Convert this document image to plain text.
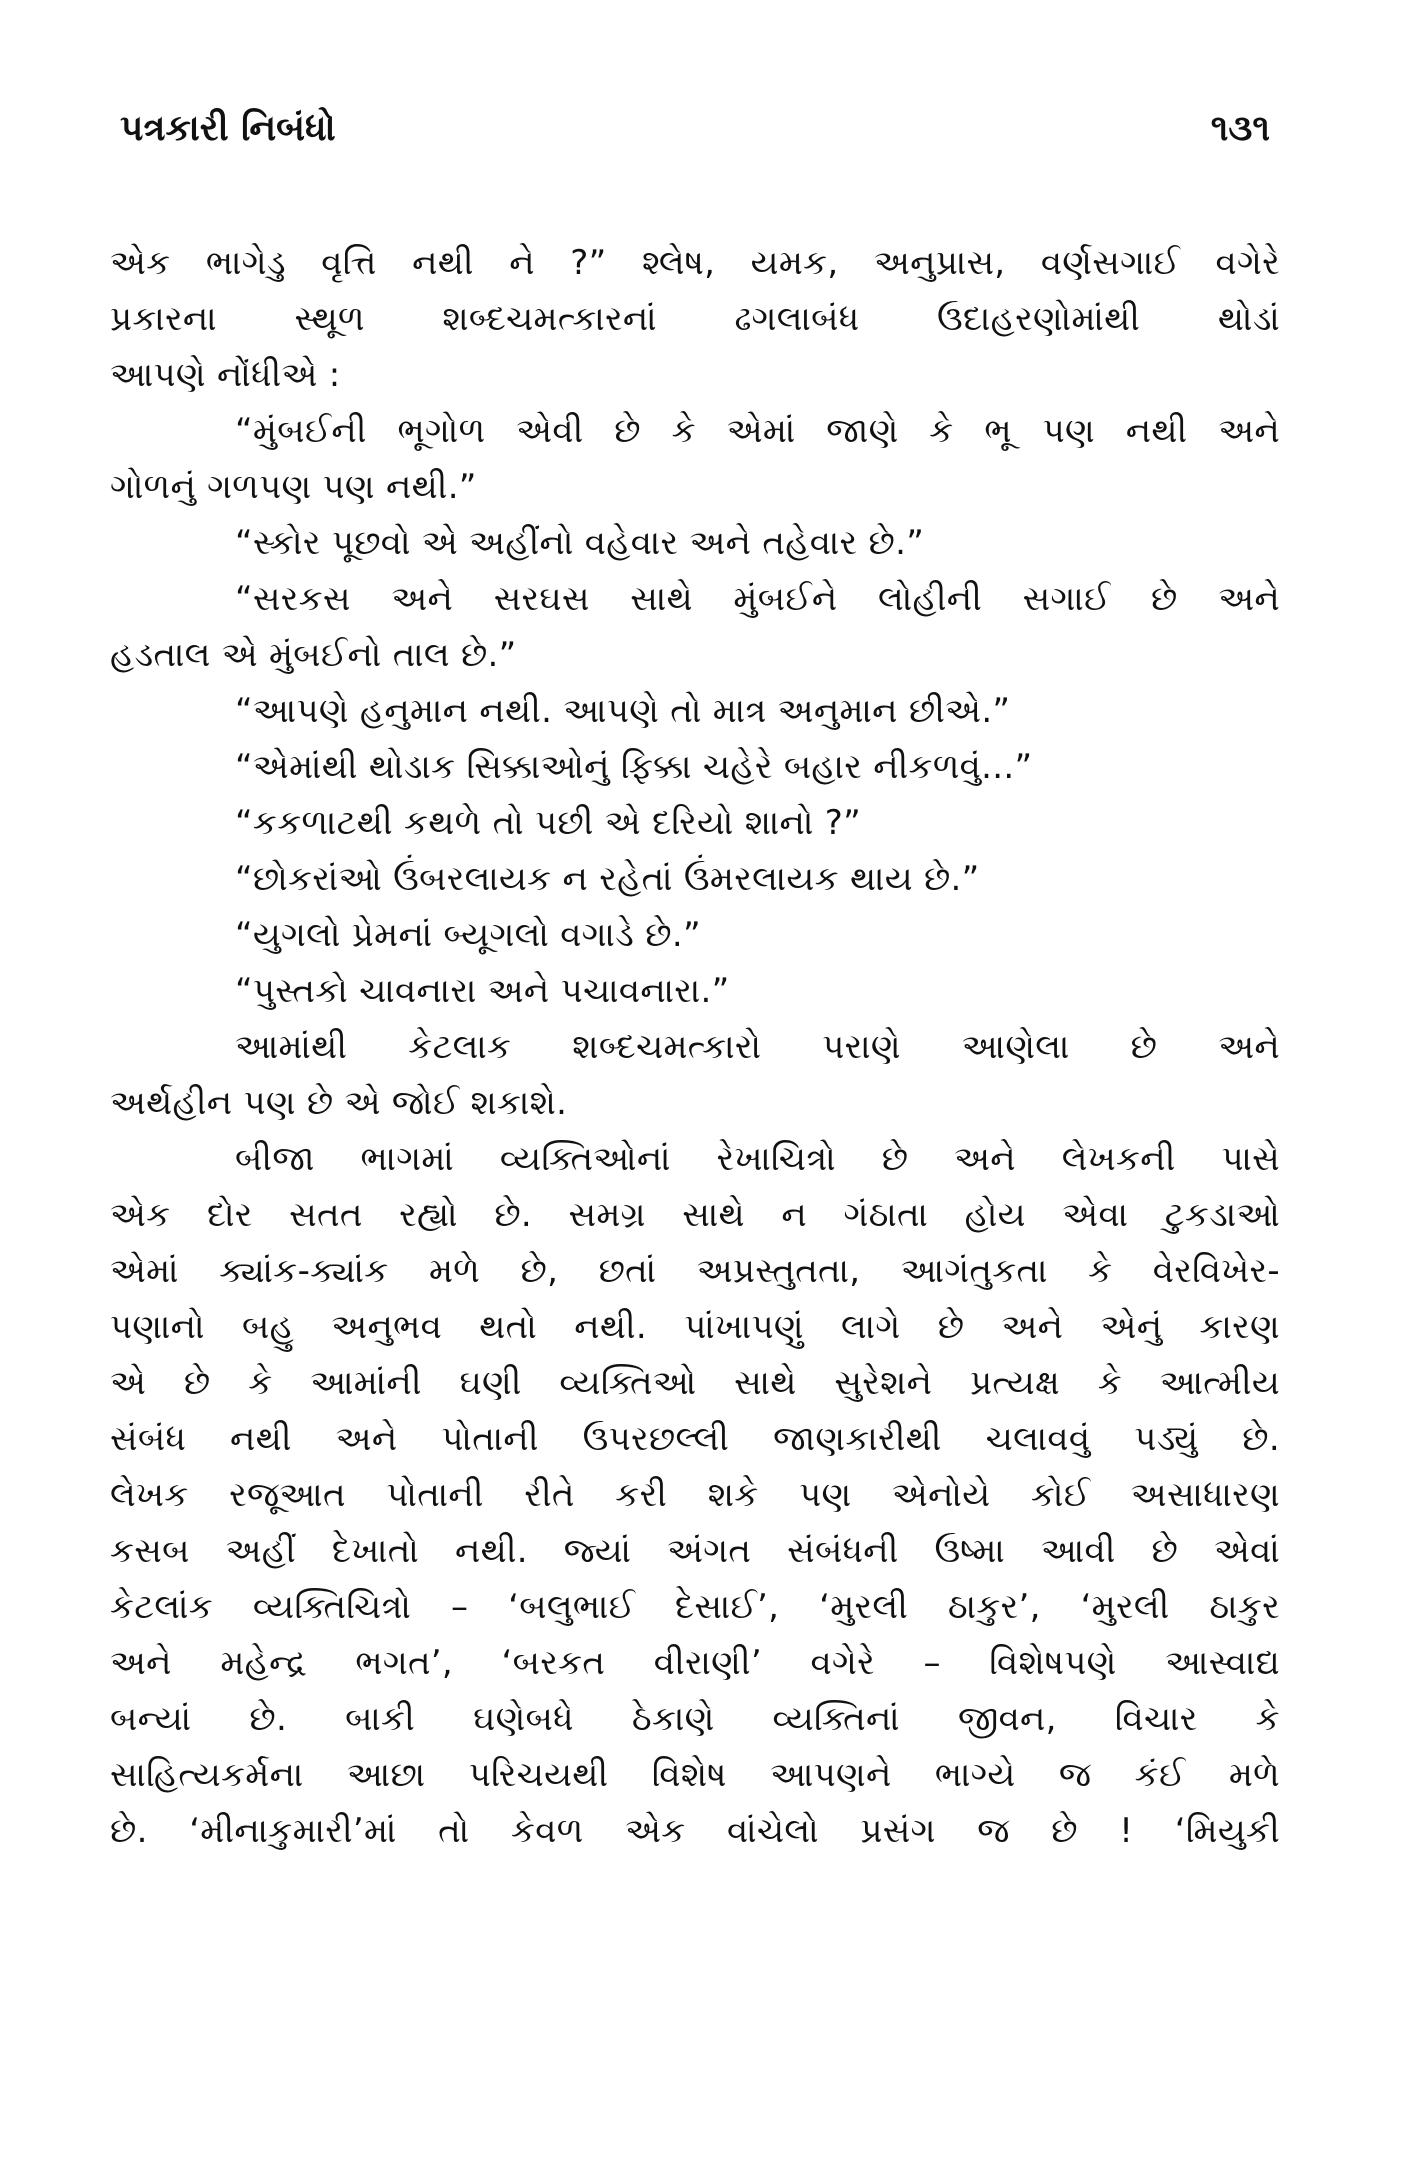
પત્રકારી નિબંધો	૧૩૧
એક ભાગેડુ વૃત્તિ નથી ને ?” શ્લેષ, યમક, અનુપ્રાસ, વર્ણસગાઈ વગેરે
પ્રકારના સ્થૂળ શબ્દચમત્કારનાં ઢગલાબંધ ઉદાહરણોમાંથી થોડાં
આપણે નોંધીએ :
“મુંબઈની ભૂગોળ એવી છે કે એમાં જાણે કે ભૂ પણ નથી અને
ગોળનું ગળપણ પણ નથી.”
“સ્કોર પૂછવો એ અહીંનો વહેવાર અને તહેવાર છે.”
“સરકસ અને સરઘસ સાથે મુંબઈને લોહીની સગાઈ છે અને
હડતાલ એ મુંબઈનો તાલ છે.”
“આપણે હનુમાન નથી. આપણે તો માત્ર અનુમાન છીએ.”
“એમાંથી થોડાક સિક્કાઓનું ફિક્કા ચહેરે બહાર નીકળવું...”
“કકળાટથી કથળે તો પછી એ દરિયો શાનો ?”
“છોકરાંઓ ઉંબરલાયક ન રહેતાં ઉંમરલાયક થાય છે.”
“યુગલો પ્રેમનાં બ્યૂગલો વગાડે છે.”
“પુસ્તકો ચાવનારા અને પચાવનારા.”
આમાંથી કેટલાક શબ્દચમત્કારો પરાણે આણેલા છે અને
અર્થહીન પણ છે એ જોઈ શકાશે.
બીજા ભાગમાં વ્યક્તિઓનાં રેખાચિત્રો છે અને લેખકની પાસે
એક દોર સતત રહ્યો છે. સમગ્ર સાથે ન ગંઠાતા હોય એવા ટુકડાઓ
એમાં ક્યાંક-ક્યાંક મળે છે, છતાં અપ્રસ્તુતતા, આગંતુકતા કે વેરવિખેર-
પણાનો બહુ અનુભવ થતો નથી. પાંખાપણું લાગે છે અને એનું કારણ
એ છે કે આમાંની ઘણી વ્યક્તિઓ સાથે સુરેશને પ્રત્યક્ષ કે આત્મીય
સંબંધ નથી અને પોતાની ઉપરછલ્લી જાણકારીથી ચલાવવું પડ્યું છે.
લેખક રજૂઆત પોતાની રીતે કરી શકે પણ એનોયે કોઈ અસાધારણ
કસબ અહીં દેખાતો નથી. જ્યાં અંગત સંબંધની ઉષ્મા આવી છે એવાં
કેટલાંક વ્યક્તિચિત્રો – ‘બલુભાઈ દેસાઈ’, ‘મુરલી ઠાકુર’, ‘મુરલી ઠાકુર
અને મહેન્દ્ર ભગત’, ‘બરકત વીરાણી’ વગેરે – વિશેષપણે આસ્વાદ્ય
બન્યાં છે. બાકી ઘણેબધે ઠેકાણે વ્યક્તિનાં જીવન, વિચાર કે
સાહિત્યકર્મના આછા પરિચયથી વિશેષ આપણને ભાગ્યે જ કંઈ મળે
છે. ‘મીનાકુમારી’માં તો કેવળ એક વાંચેલો પ્રસંગ જ છે ! ‘મિયુકી
